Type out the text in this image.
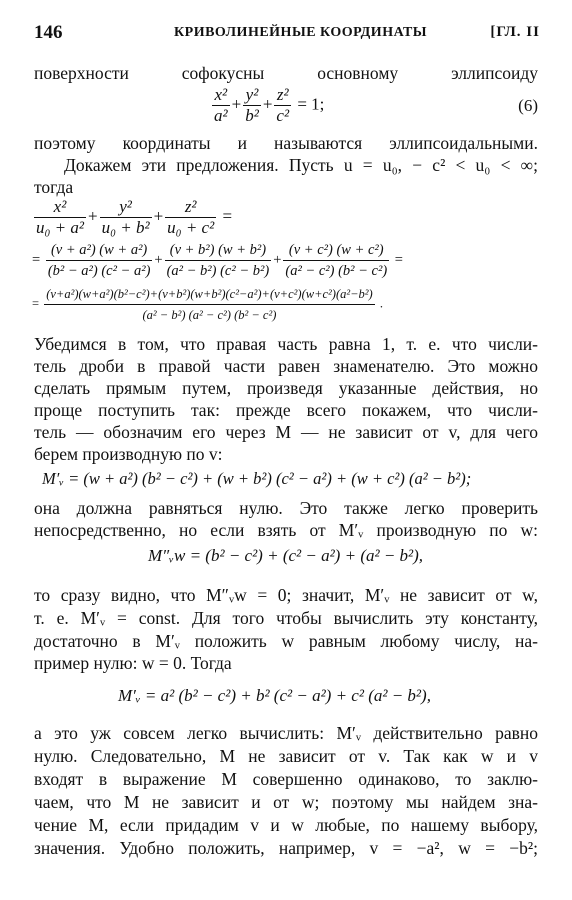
146	КРИВОЛИНЕЙНЫЕ КООРДИНАТЫ	[ГЛ. II
поверхности софокусны основному эллипсоиду
$\frac{\text{x²}}{\text{a²}} + \frac{\text{y²}}{\text{b²}} + \frac{\text{z²}}{\text{c²}} = 1$;	(6)
поэтому координаты и называются эллипсоидальными.
Докажем эти предложения. Пусть u = u₀, − c² < u₀ < ∞;
тогда
$\frac{\text{x²}}{\text{u₀ + a²}} + \frac{\text{y²}}{\text{u₀ + b²}} + \frac{\text{z²}}{\text{u₀ + c²}}$ =
= $\frac{\text{(v + a²) (w + a²)}}{\text{(b² − a²) (c² − a²)}} + \frac{\text{(v + b²) (w + b²)}}{\text{(a² − b²) (c² − b²)}} + \frac{\text{(v + c²) (w + c²)}}{\text{(a² − c²) (b² − c²)}}$ =
= $\frac{\text{(v+a²)(w+a²)(b²−c²)+(v+b²)(w+b²)(c²−a²)+(v+c²)(w+c²)(a²−b²)}}{\text{(a² − b²) (a² − c²) (b² − c²)}}$ .
Убедимся в том, что правая часть равна 1, т. е. что числи-
тель дроби в правой части равен знаменателю. Это можно
сделать прямым путем, произведя указанные действия, но
проще поступить так: прежде всего покажем, что числи-
тель — обозначим его через M — не зависит от v, для чего
берем производную по v:
M′ᵥ = (w + a²) (b² − c²) + (w + b²) (c² − a²) + (w + c²) (a² − b²);
она должна равняться нулю. Это также легко проверить
непосредственно, но если взять от M′ᵥ производную по w:
M″ᵥw = (b² − c²) + (c² − a²) + (a² − b²),
то сразу видно, что M″ᵥw = 0; значит, M′ᵥ не зависит от w,
т. е. M′ᵥ = const. Для того чтобы вычислить эту константу,
достаточно в M′ᵥ положить w равным любому числу, на-
пример нулю: w = 0. Тогда
M′ᵥ = a² (b² − c²) + b² (c² − a²) + c² (a² − b²),
а это уж совсем легко вычислить: M′ᵥ действительно равно
нулю. Следовательно, M не зависит от v. Так как w и v
входят в выражение M совершенно одинаково, то заклю-
чаем, что M не зависит и от w; поэтому мы найдем зна-
чение M, если придадим v и w любые, по нашему выбору,
значения. Удобно положить, например, v = −a², w = −b²;
